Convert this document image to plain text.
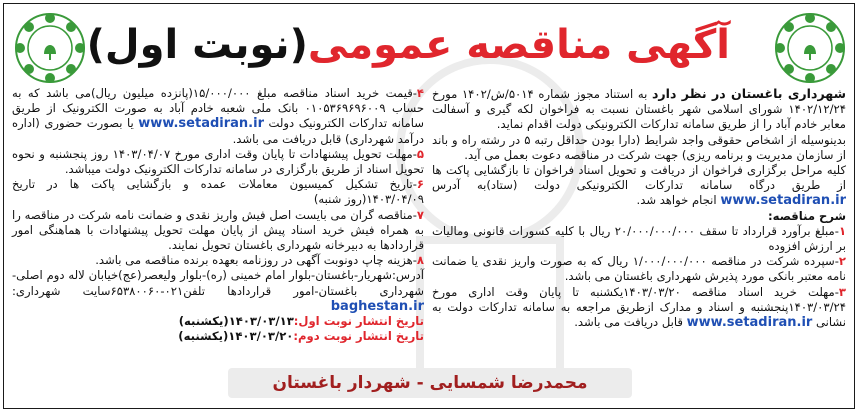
آگهی مناقصه عمومی(نوبت اول)

شهرداری باغستان در نظر دارد به استناد مجوز شماره ۵۰۱۴/ش/۱۴۰۲ مورخ ۱۴۰۲/۱۲/۲۴ شورای اسلامی شهر باغستان نسبت به فراخوان لکه گیری و آسفالت معابر خادم آباد را از طریق سامانه تدارکات الکترونیکی دولت اقدام نماید.

بدینوسیله از اشخاص حقوقی واجد شرایط (دارا بودن حداقل رتبه ۵ در رشته راه و باند از سازمان مدیریت و برنامه ریزی) جهت شرکت در مناقصه دعوت بعمل می آید.

کلیه مراحل برگزاری فراخوان از دریافت و تحویل اسناد فراخوان تا بازگشایی پاکت ها از طریق درگاه سامانه تدارکات الکترونیکی دولت (ستاد)به آدرس www.setadiran.ir انجام خواهد شد.

شرح مناقصه:

۱-مبلغ برآورد قرارداد تا سقف ۲۰/۰۰۰/۰۰۰/۰۰۰ ریال با کلیه کسورات قانونی ومالیات بر ارزش افزوده

۲-سپرده شرکت در مناقصه ۱/۰۰۰/۰۰۰/۰۰۰ ریال که به صورت واریز نقدی یا ضمانت نامه معتبر بانکی مورد پذیرش شهرداری باغستان می باشد.

۳-مهلت خرید اسناد مناقصه ۱۴۰۳/۰۳/۲۰یکشنبه تا پایان وقت اداری مورخ ۱۴۰۳/۰۳/۲۴پنجشنبه و اسناد و مدارک ازطریق مراجعه به سامانه تدارکات دولت به نشانی www.setadiran.ir قابل دریافت می باشد.

۴-قیمت خرید اسناد مناقصه مبلغ ۱۵/۰۰۰/۰۰۰(پانزده میلیون ریال)می باشد که به حساب ۰۱۰۵۳۶۹۶۹۶۰۰۹ بانک ملی شعبه خادم آباد به صورت الکترونیک از طریق سامانه تدارکات الکترونیک دولت www.setadiran.ir یا بصورت حضوری (اداره درآمد شهرداری) قابل دریافت می باشد.

۵-مهلت تحویل پیشنهادات تا پایان وقت اداری مورخ ۱۴۰۳/۰۴/۰۷ روز پنجشنبه و نحوه تحویل اسناد از طریق بارگزاری در سامانه تدارکات الکترونیک دولت میباشد.

۶-تاریخ تشکیل کمیسیون معاملات عمده و بازگشایی پاکت ها در تاریخ ۱۴۰۳/۰۴/۰۹(روز شنبه)

۷-مناقصه گران می بایست اصل فیش واریز نقدی و ضمانت نامه شرکت در مناقصه را به همراه فیش خرید اسناد پیش از پایان مهلت تحویل پیشنهادات با هماهنگی امور قراردادها به دبیرخانه شهرداری باغستان تحویل نمایند.

۸-هزینه چاپ دونوبت آگهی در روزنامه بعهده برنده مناقصه می باشد.

آدرس:شهریار-باغستان-بلوار امام خمینی (ره)-بلوار ولیعصر(عج)خیابان لاله دوم اصلی-شهرداری باغستان-امور قراردادها تلفن۰۲۱-۶۵۳۸۰۰۶۰سایت شهرداری: baghestan.ir

تاریخ انتشار نوبت اول:۱۴۰۳/۰۳/۱۳(یکشنبه)

تاریخ انتشار نوبت دوم:۱۴۰۳/۰۳/۲۰(یکشنبه)

محمدرضا شمسایی - شهردار باغستان
